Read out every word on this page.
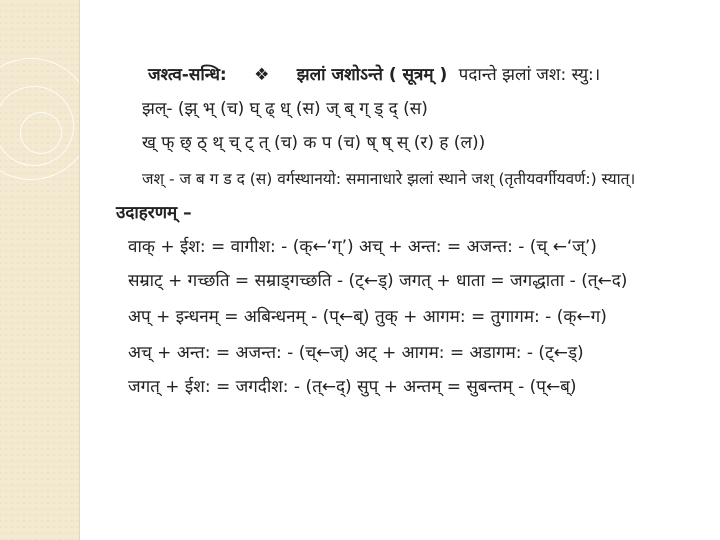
जश्त्व-सन्धि: ❖ झलां जशोऽन्ते ( सूत्रम् ) पदान्ते झलां जश: स्यु:।
झल्- (झ् भ् (च) घ् ढ् ध् (स) ज् ब् ग् ड् द् (स)
ख् फ् छ् ठ् थ् च् ट् त् (च) क प (च) ष् ष् स् (र) ह (ल))
जश् - ज ब ग ड द (स) वर्गस्थानयो: समानाधारे झलां स्थाने जश् (तृतीयवर्गीयवर्ण:) स्यात्।
उदाहरणम् –
वाक् + ईश: = वागीश: - (क्←‘ग्’) अच् + अन्त: = अजन्त: - (च् ←‘ज्’)
सम्राट् + गच्छति = सम्राड्गच्छति - (ट्←ड्) जगत् + धाता = जगद्धाता - (त्←द)
अप् + इन्धनम् = अबिन्धनम् - (प्←ब्) तुक् + आगम: = तुगागम: - (क्←ग)
अच् + अन्त: = अजन्त: - (च्←ज्) अट् + आगम: = अडागम: - (ट्←ड्)
जगत् + ईश: = जगदीश: - (त्←द्) सुप् + अन्तम् = सुबन्तम् - (प्←ब्)
